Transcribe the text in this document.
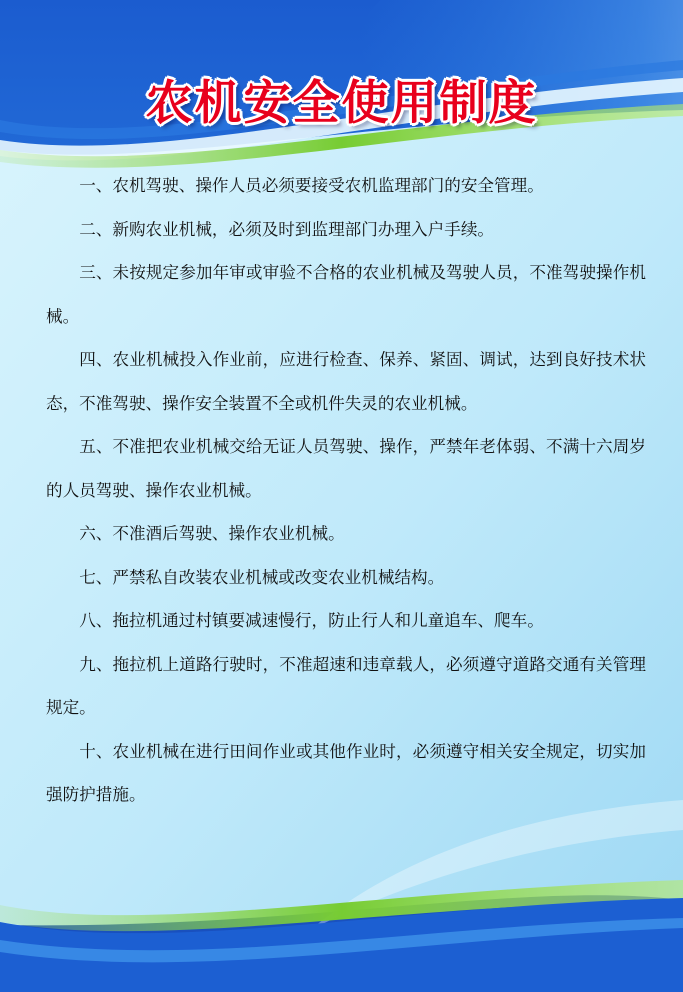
农机安全使用制度

一、农机驾驶、操作人员必须要接受农机监理部门的安全管理。

二、新购农业机械，必须及时到监理部门办理入户手续。

三、未按规定参加年审或审验不合格的农业机械及驾驶人员，不准驾驶操作机械。

四、农业机械投入作业前，应进行检查、保养、紧固、调试，达到良好技术状态，不准驾驶、操作安全装置不全或机件失灵的农业机械。

五、不准把农业机械交给无证人员驾驶、操作，严禁年老体弱、不满十六周岁的人员驾驶、操作农业机械。

六、不准酒后驾驶、操作农业机械。

七、严禁私自改装农业机械或改变农业机械结构。

八、拖拉机通过村镇要减速慢行，防止行人和儿童追车、爬车。

九、拖拉机上道路行驶时，不准超速和违章载人，必须遵守道路交通有关管理规定。

十、农业机械在进行田间作业或其他作业时，必须遵守相关安全规定，切实加强防护措施。
